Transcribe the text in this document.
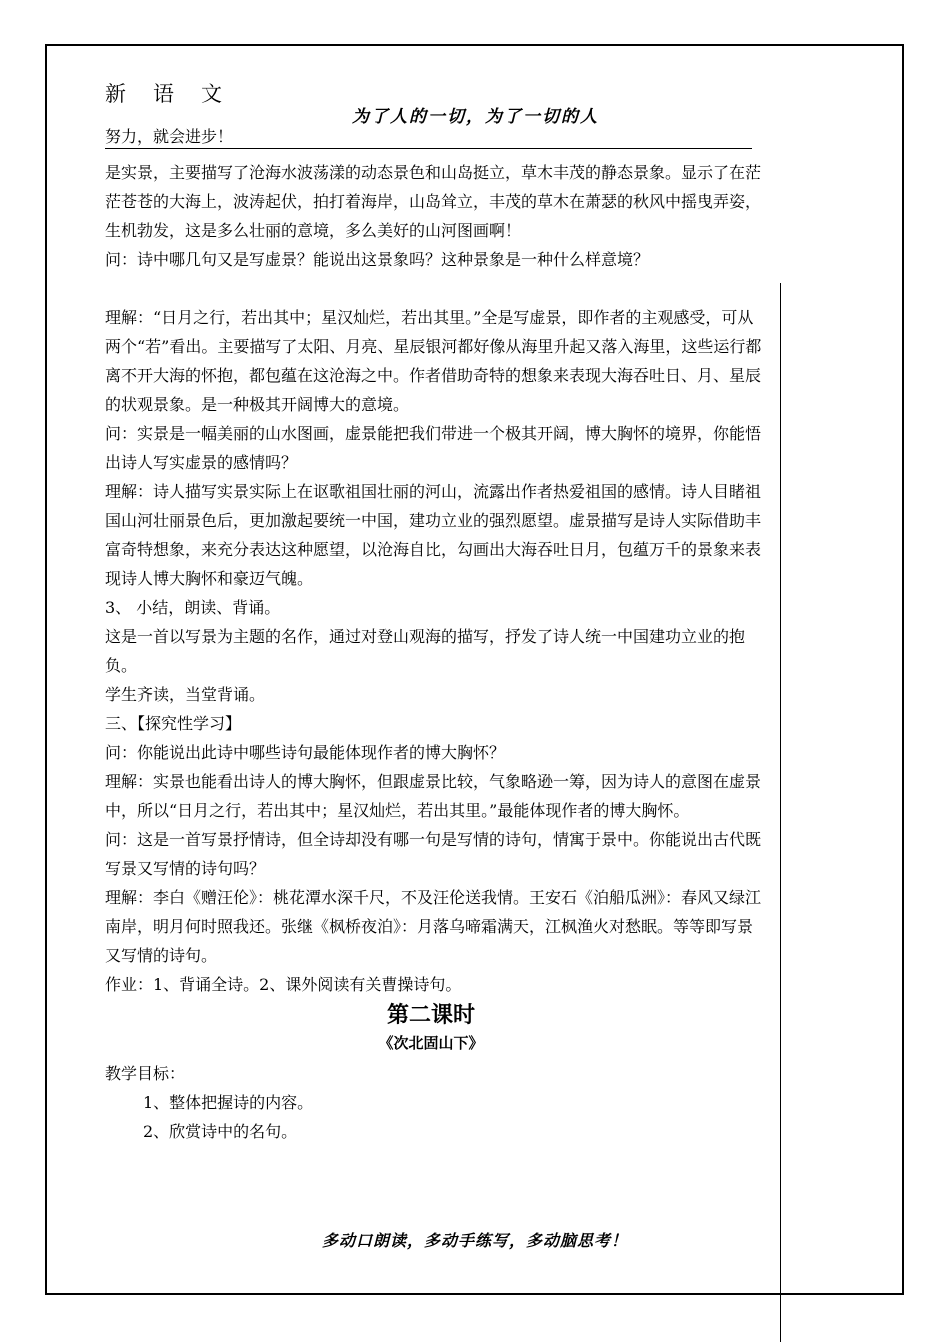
新语文
为了人的一切，为了一切的人
努力，就会进步！

是实景，主要描写了沧海水波荡漾的动态景色和山岛挺立，草木丰茂的静态景象。显示了在茫茫苍苍的大海上，波涛起伏，拍打着海岸，山岛耸立，丰茂的草木在萧瑟的秋风中摇曳弄姿，生机勃发，这是多么壮丽的意境，多么美好的山河图画啊！

问：诗中哪几句又是写虚景？能说出这景象吗？这种景象是一种什么样意境？

理解：“日月之行，若出其中；星汉灿烂，若出其里。”全是写虚景，即作者的主观感受，可从两个“若”看出。主要描写了太阳、月亮、星辰银河都好像从海里升起又落入海里，这些运行都离不开大海的怀抱，都包蕴在这沧海之中。作者借助奇特的想象来表现大海吞吐日、月、星辰的状观景象。是一种极其开阔博大的意境。

问：实景是一幅美丽的山水图画，虚景能把我们带进一个极其开阔，博大胸怀的境界，你能悟出诗人写实虚景的感情吗？

理解：诗人描写实景实际上在讴歌祖国壮丽的河山，流露出作者热爱祖国的感情。诗人目睹祖国山河壮丽景色后，更加激起要统一中国，建功立业的强烈愿望。虚景描写是诗人实际借助丰富奇特想象，来充分表达这种愿望，以沧海自比，勾画出大海吞吐日月，包蕴万千的景象来表现诗人博大胸怀和豪迈气魄。

3、 小结，朗读、背诵。

这是一首以写景为主题的名作，通过对登山观海的描写，抒发了诗人统一中国建功立业的抱负。

学生齐读，当堂背诵。

三、【探究性学习】

问：你能说出此诗中哪些诗句最能体现作者的博大胸怀？

理解：实景也能看出诗人的博大胸怀，但跟虚景比较，气象略逊一筹，因为诗人的意图在虚景中，所以“日月之行，若出其中；星汉灿烂，若出其里。”最能体现作者的博大胸怀。

问：这是一首写景抒情诗，但全诗却没有哪一句是写情的诗句，情寓于景中。你能说出古代既写景又写情的诗句吗？

理解：李白《赠汪伦》：桃花潭水深千尺，不及汪伦送我情。王安石《泊船瓜洲》：春风又绿江南岸，明月何时照我还。张继《枫桥夜泊》：月落乌啼霜满天，江枫渔火对愁眠。等等即写景又写情的诗句。

作业：1、背诵全诗。2、课外阅读有关曹操诗句。

第二课时
《次北固山下》

教学目标：

1、整体把握诗的内容。

2、欣赏诗中的名句。

多动口朗读，多动手练写，多动脑思考！
